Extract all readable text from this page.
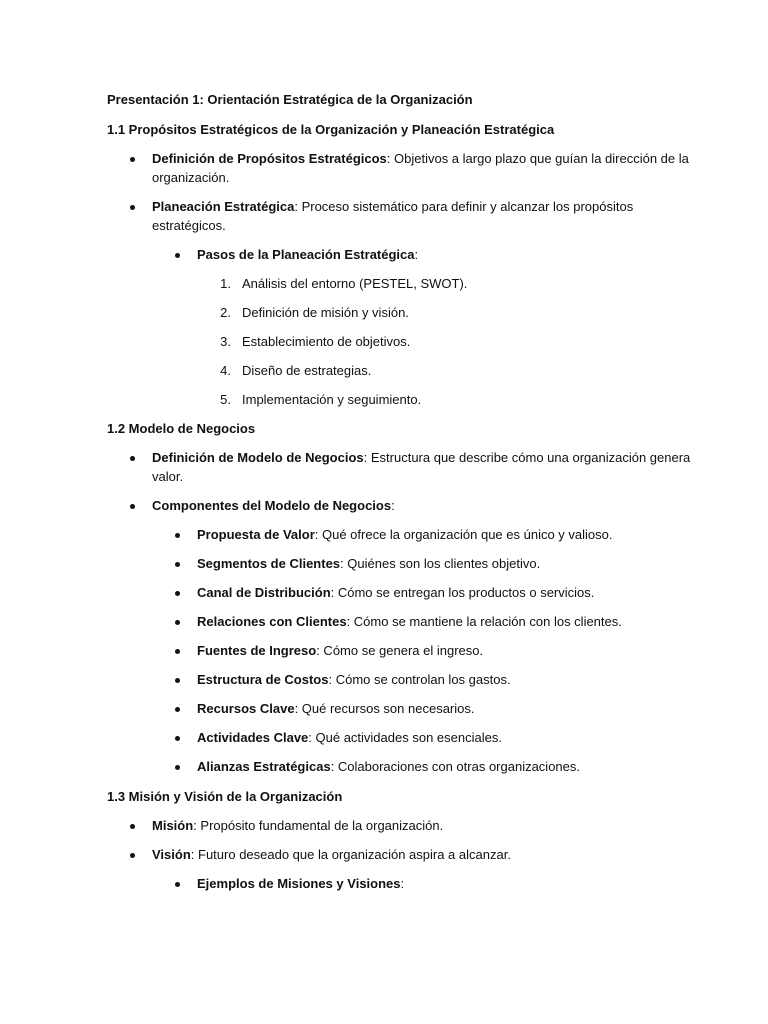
Presentación 1: Orientación Estratégica de la Organización
1.1 Propósitos Estratégicos de la Organización y Planeación Estratégica
Definición de Propósitos Estratégicos: Objetivos a largo plazo que guían la dirección de la
organización.
Planeación Estratégica: Proceso sistemático para definir y alcanzar los propósitos
estratégicos.
Pasos de la Planeación Estratégica:
1. Análisis del entorno (PESTEL, SWOT).
2. Definición de misión y visión.
3. Establecimiento de objetivos.
4. Diseño de estrategias.
5. Implementación y seguimiento.
1.2 Modelo de Negocios
Definición de Modelo de Negocios: Estructura que describe cómo una organización genera
valor.
Componentes del Modelo de Negocios:
Propuesta de Valor: Qué ofrece la organización que es único y valioso.
Segmentos de Clientes: Quiénes son los clientes objetivo.
Canal de Distribución: Cómo se entregan los productos o servicios.
Relaciones con Clientes: Cómo se mantiene la relación con los clientes.
Fuentes de Ingreso: Cómo se genera el ingreso.
Estructura de Costos: Cómo se controlan los gastos.
Recursos Clave: Qué recursos son necesarios.
Actividades Clave: Qué actividades son esenciales.
Alianzas Estratégicas: Colaboraciones con otras organizaciones.
1.3 Misión y Visión de la Organización
Misión: Propósito fundamental de la organización.
Visión: Futuro deseado que la organización aspira a alcanzar.
Ejemplos de Misiones y Visiones:
